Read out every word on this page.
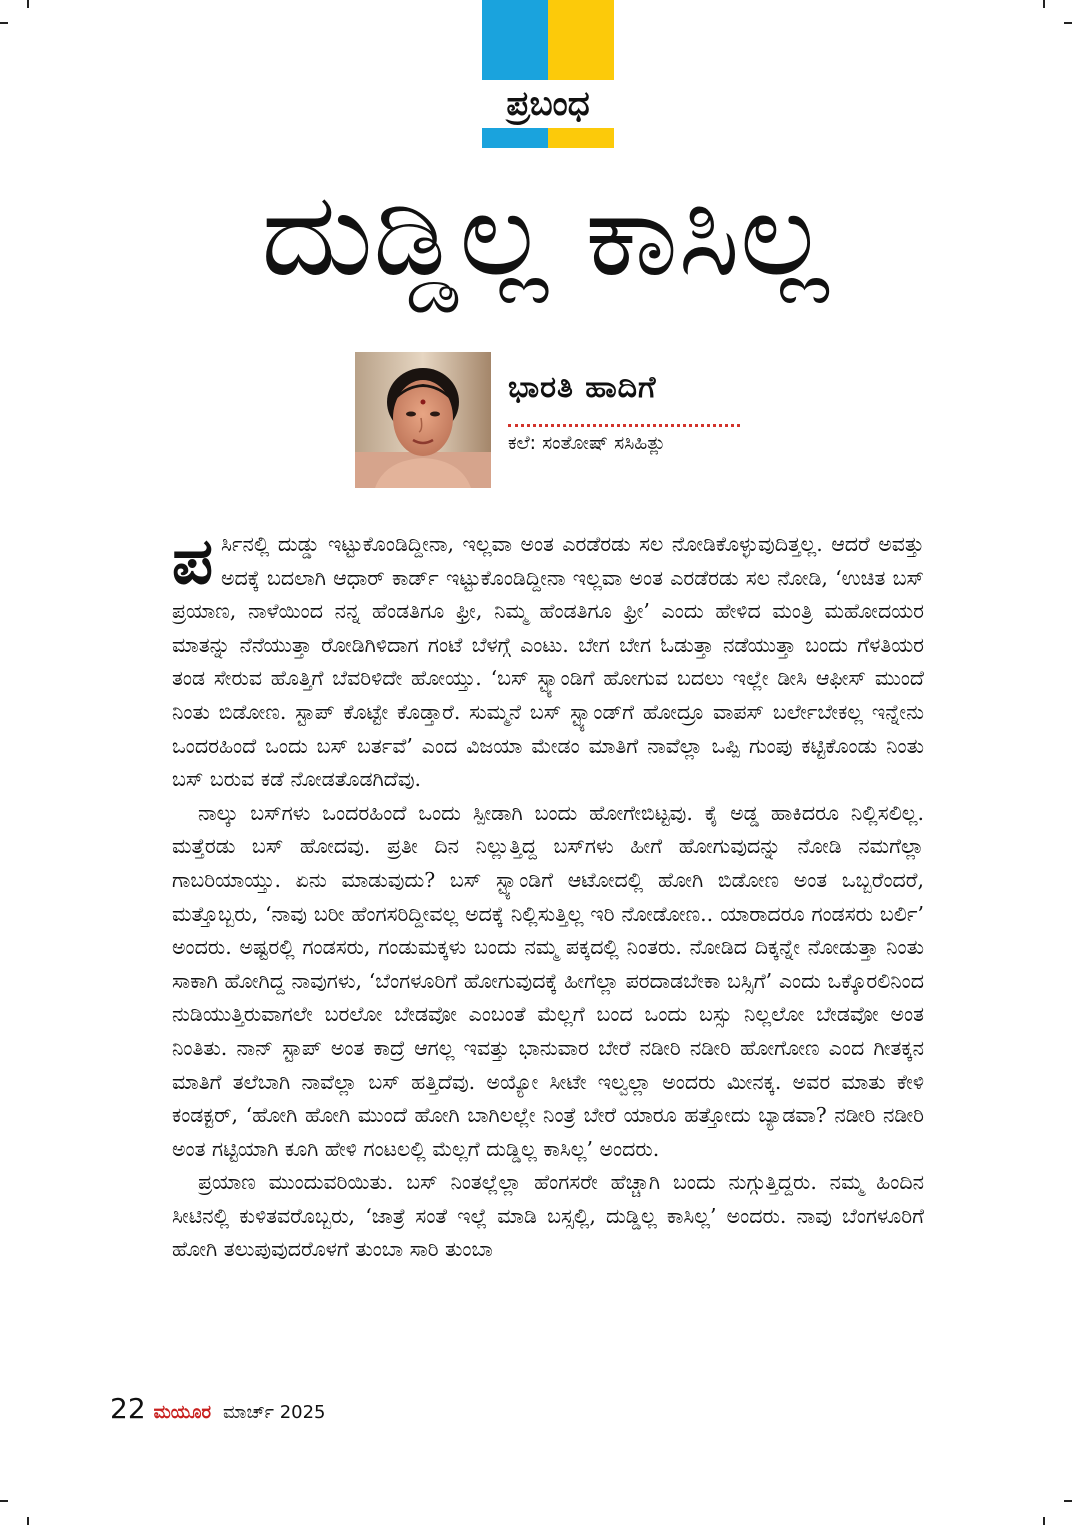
ಪ್ರಬಂಧ
ದುಡ್ಡಿಲ್ಲ ಕಾಸಿಲ್ಲ
ಭಾರತಿ ಹಾದಿಗೆ
ಕಲೆ: ಸಂತೋಷ್ ಸಸಿಹಿತ್ಲು

ಪರ್ಸಿನಲ್ಲಿ ದುಡ್ಡು ಇಟ್ಟುಕೊಂಡಿದ್ದೀನಾ, ಇಲ್ಲವಾ ಅಂತ ಎರಡೆರಡು ಸಲ ನೋಡಿಕೊಳ್ಳುವುದಿತ್ತಲ್ಲ. ಆದರೆ ಅವತ್ತು ಅದಕ್ಕೆ ಬದಲಾಗಿ ಆಧಾರ್ ಕಾರ್ಡ್ ಇಟ್ಟುಕೊಂಡಿದ್ದೀನಾ ಇಲ್ಲವಾ ಅಂತ ಎರಡೆರಡು ಸಲ ನೋಡಿ, ‘ಉಚಿತ ಬಸ್ ಪ್ರಯಾಣ, ನಾಳೆಯಿಂದ ನನ್ನ ಹೆಂಡತಿಗೂ ಫ್ರೀ, ನಿಮ್ಮ ಹೆಂಡತಿಗೂ ಫ್ರೀ’ ಎಂದು ಹೇಳಿದ ಮಂತ್ರಿ ಮಹೋದಯರ ಮಾತನ್ನು ನೆನೆಯುತ್ತಾ ರೋಡಿಗಿಳಿದಾಗ ಗಂಟೆ ಬೆಳಗ್ಗೆ ಎಂಟು. ಬೇಗ ಬೇಗ ಓಡುತ್ತಾ ನಡೆಯುತ್ತಾ ಬಂದು ಗೆಳತಿಯರ ತಂಡ ಸೇರುವ ಹೊತ್ತಿಗೆ ಬೆವರಿಳಿದೇ ಹೋಯ್ತು. ‘ಬಸ್ ಸ್ಟ್ಯಾಂಡಿಗೆ ಹೋಗುವ ಬದಲು ಇಲ್ಲೇ ಡೀಸಿ ಆಫೀಸ್ ಮುಂದೆ ನಿಂತು ಬಿಡೋಣ. ಸ್ಟಾಪ್ ಕೊಟ್ಟೇ ಕೊಡ್ತಾರೆ. ಸುಮ್ಮನೆ ಬಸ್ ಸ್ಟ್ಯಾಂಡ್‌ಗೆ ಹೋದ್ರೂ ವಾಪಸ್ ಬರ್ಲೇಬೇಕಲ್ಲ ಇನ್ನೇನು ಒಂದರಹಿಂದೆ ಒಂದು ಬಸ್ ಬರ್ತವೆ’ ಎಂದ ವಿಜಯಾ ಮೇಡಂ ಮಾತಿಗೆ ನಾವೆಲ್ಲಾ ಒಪ್ಪಿ ಗುಂಪು ಕಟ್ಟಿಕೊಂಡು ನಿಂತು ಬಸ್ ಬರುವ ಕಡೆ ನೋಡತೊಡಗಿದೆವು.

ನಾಲ್ಕು ಬಸ್‌ಗಳು ಒಂದರಹಿಂದೆ ಒಂದು ಸ್ಪೀಡಾಗಿ ಬಂದು ಹೋಗೇಬಿಟ್ಟವು. ಕೈ ಅಡ್ಡ ಹಾಕಿದರೂ ನಿಲ್ಲಿಸಲಿಲ್ಲ. ಮತ್ತೆರಡು ಬಸ್ ಹೋದವು. ಪ್ರತೀ ದಿನ ನಿಲ್ಲುತ್ತಿದ್ದ ಬಸ್‌ಗಳು ಹೀಗೆ ಹೋಗುವುದನ್ನು ನೋಡಿ ನಮಗೆಲ್ಲಾ ಗಾಬರಿಯಾಯ್ತು. ಏನು ಮಾಡುವುದು? ಬಸ್ ಸ್ಟ್ಯಾಂಡಿಗೆ ಆಟೋದಲ್ಲಿ ಹೋಗಿ ಬಿಡೋಣ ಅಂತ ಒಬ್ಬರೆಂದರೆ, ಮತ್ತೊಬ್ಬರು, ‘ನಾವು ಬರೀ ಹೆಂಗಸರಿದ್ದೀವಲ್ಲ ಅದಕ್ಕೆ ನಿಲ್ಲಿಸುತ್ತಿಲ್ಲ ಇರಿ ನೋಡೋಣ.. ಯಾರಾದರೂ ಗಂಡಸರು ಬರ್ಲಿ’ ಅಂದರು. ಅಷ್ಟರಲ್ಲಿ ಗಂಡಸರು, ಗಂಡುಮಕ್ಕಳು ಬಂದು ನಮ್ಮ ಪಕ್ಕದಲ್ಲಿ ನಿಂತರು. ನೋಡಿದ ದಿಕ್ಕನ್ನೇ ನೋಡುತ್ತಾ ನಿಂತು ಸಾಕಾಗಿ ಹೋಗಿದ್ದ ನಾವುಗಳು, ‘ಬೆಂಗಳೂರಿಗೆ ಹೋಗುವುದಕ್ಕೆ ಹೀಗೆಲ್ಲಾ ಪರದಾಡಬೇಕಾ ಬಸ್ಸಿಗೆ’ ಎಂದು ಒಕ್ಕೊರಲಿನಿಂದ ನುಡಿಯುತ್ತಿರುವಾಗಲೇ ಬರಲೋ ಬೇಡವೋ ಎಂಬಂತೆ ಮೆಲ್ಲಗೆ ಬಂದ ಒಂದು ಬಸ್ಸು ನಿಲ್ಲಲೋ ಬೇಡವೋ ಅಂತ ನಿಂತಿತು. ನಾನ್ ಸ್ಟಾಪ್ ಅಂತ ಕಾದ್ರೆ ಆಗಲ್ಲ ಇವತ್ತು ಭಾನುವಾರ ಬೇರೆ ನಡೀರಿ ನಡೀರಿ ಹೋಗೋಣ ಎಂದ ಗೀತಕ್ಕನ ಮಾತಿಗೆ ತಲೆಬಾಗಿ ನಾವೆಲ್ಲಾ ಬಸ್ ಹತ್ತಿದೆವು. ಅಯ್ಯೋ ಸೀಟೇ ಇಲ್ವಲ್ಲಾ ಅಂದರು ಮೀನಕ್ಕ. ಅವರ ಮಾತು ಕೇಳಿ ಕಂಡಕ್ಟರ್, ‘ಹೋಗಿ ಹೋಗಿ ಮುಂದೆ ಹೋಗಿ ಬಾಗಿಲಲ್ಲೇ ನಿಂತ್ರೆ ಬೇರೆ ಯಾರೂ ಹತ್ತೋದು ಬ್ಯಾಡವಾ? ನಡೀರಿ ನಡೀರಿ ಅಂತ ಗಟ್ಟಿಯಾಗಿ ಕೂಗಿ ಹೇಳಿ ಗಂಟಲಲ್ಲಿ ಮೆಲ್ಲಗೆ ದುಡ್ಡಿಲ್ಲ ಕಾಸಿಲ್ಲ’ ಅಂದರು.

ಪ್ರಯಾಣ ಮುಂದುವರಿಯಿತು. ಬಸ್ ನಿಂತಲ್ಲೆಲ್ಲಾ ಹೆಂಗಸರೇ ಹೆಚ್ಚಾಗಿ ಬಂದು ನುಗ್ಗುತ್ತಿದ್ದರು. ನಮ್ಮ ಹಿಂದಿನ ಸೀಟಿನಲ್ಲಿ ಕುಳಿತವರೊಬ್ಬರು, ‘ಜಾತ್ರೆ ಸಂತೆ ಇಲ್ಲೆ ಮಾಡಿ ಬಸ್ಸಲ್ಲಿ, ದುಡ್ಡಿಲ್ಲ ಕಾಸಿಲ್ಲ’ ಅಂದರು. ನಾವು ಬೆಂಗಳೂರಿಗೆ ಹೋಗಿ ತಲುಪುವುದರೊಳಗೆ ತುಂಬಾ ಸಾರಿ ತುಂಬಾ

22 ಮಯೂರ ಮಾರ್ಚ್ 2025
